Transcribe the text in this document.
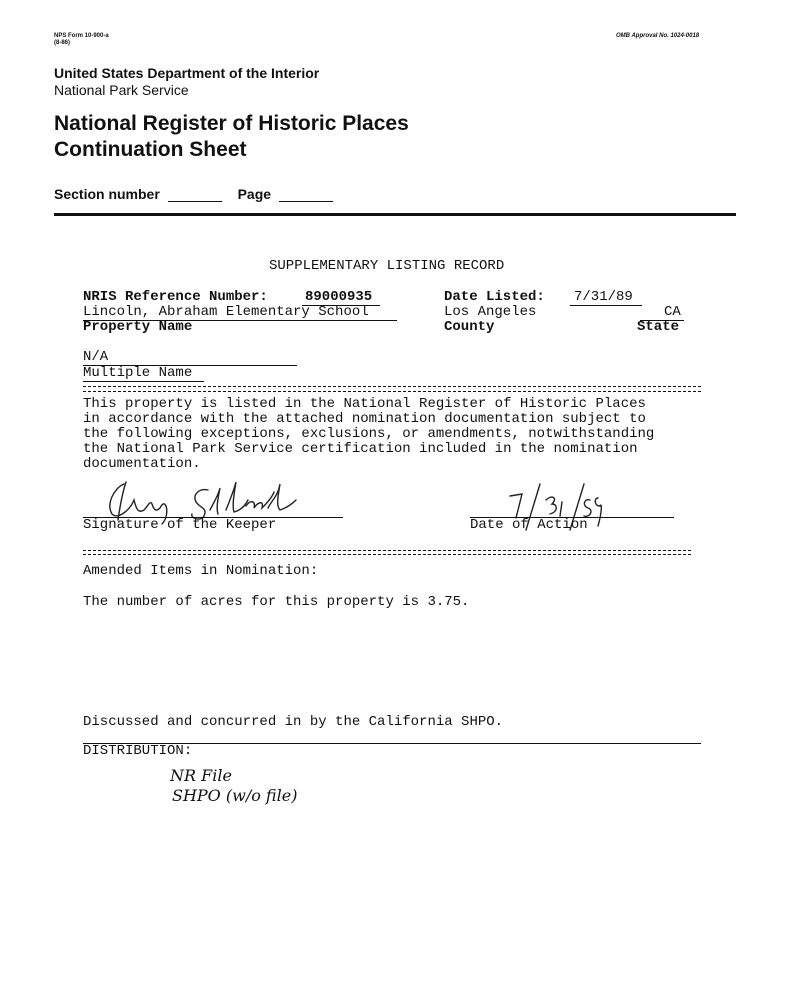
NPS Form 10-900-a
(8-86)
OMB Approval No. 1024-0018
United States Department of the Interior
National Park Service
National Register of Historic Places
Continuation Sheet
Section number	Page
SUPPLEMENTARY LISTING RECORD
NRIS Reference Number:	89000935	Date Listed: 7/31/89
Lincoln, Abraham Elementary School	Los Angeles	CA
Property Name	County	State
N/A
Multiple Name
This property is listed in the National Register of Historic Places
in accordance with the attached nomination documentation subject to
the following exceptions, exclusions, or amendments, notwithstanding
the National Park Service certification included in the nomination
documentation.
Signature of the Keeper	Date of Action
Amended Items in Nomination:
The number of acres for this property is 3.75.
Discussed and concurred in by the California SHPO.
DISTRIBUTION:
NR File
SHPO (w/o file)
